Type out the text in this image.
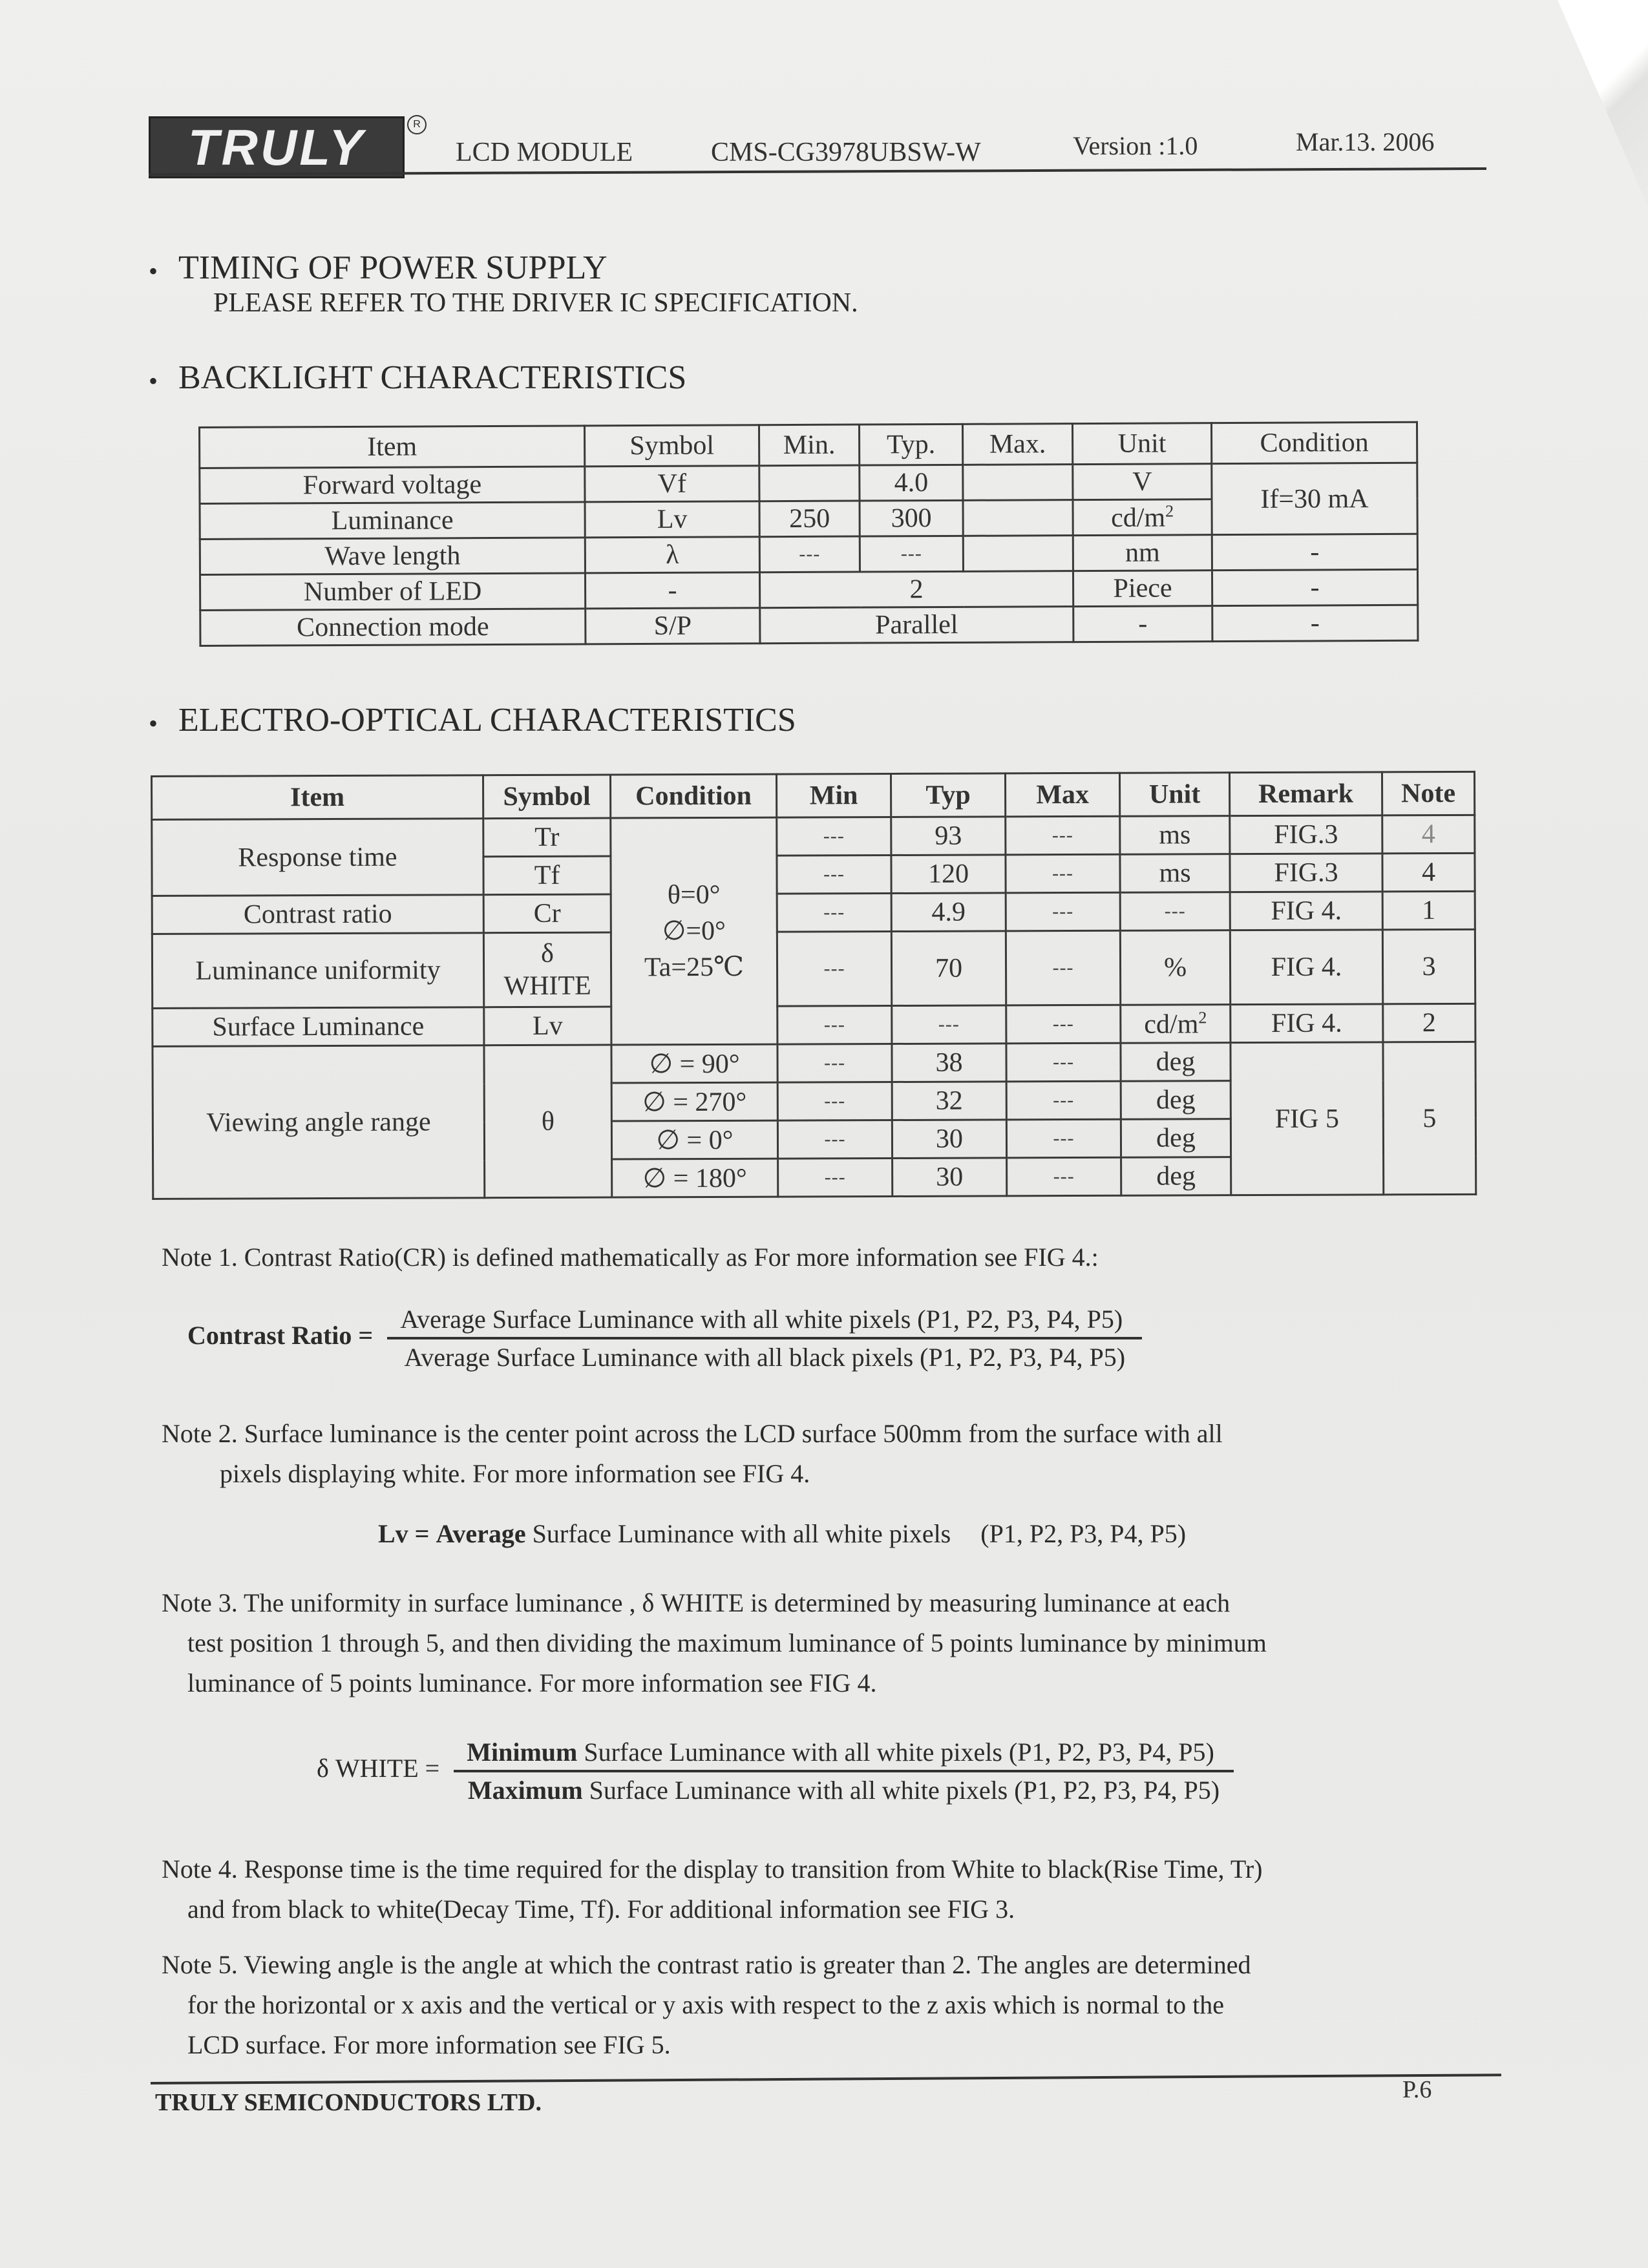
TRULY	R
LCD MODULE	CMS-CG3978UBSW-W	Version :1.0	Mar.13. 2006
• TIMING OF POWER SUPPLY
PLEASE REFER TO THE DRIVER IC SPECIFICATION.
• BACKLIGHT CHARACTERISTICS
Item	Symbol	Min.	Typ.	Max.	Unit	Condition
Forward voltage	Vf		4.0		V	If=30 mA
Luminance	Lv	250	300		$cd/m^2$
Wave length	λ	---	---		nm	-
Number of LED	-	2			Piece	-
Connection mode	S/P	Parallel			-	-
• ELECTRO-OPTICAL CHARACTERISTICS
Item	Symbol	Condition	Min	Typ	Max	Unit	Remark	Note
Response time	Tr	θ=0°
∅=0°
Ta=25℃	---	93	---	ms	FIG.3	4
	Tf		---	120	---	ms	FIG.3	4
Contrast ratio	Cr		---	4.9	---	---	FIG 4.	1
Luminance uniformity	δ
WHITE		---	70	---	%	FIG 4.	3
Surface Luminance	Lv		---	---	---	$cd/m^2$	FIG 4.	2
Viewing angle range	θ	∅ = 90°	---	38	---	deg	FIG 5	5
		∅ = 270°	---	32	---	deg		
		∅ = 0°	---	30	---	deg		
		∅ = 180°	---	30	---	deg		
Note 1. Contrast Ratio(CR) is defined mathematically as For more information see FIG 4.:
Contrast Ratio =
Average Surface Luminance with all white pixels (P1, P2, P3, P4, P5)
Average Surface Luminance with all black pixels (P1, P2, P3, P4, P5)
Note 2. Surface luminance is the center point across the LCD surface 500mm from the surface with all
pixels displaying white. For more information see FIG 4.
Lv = Average Surface Luminance with all white pixels (P1, P2, P3, P4, P5)
Note 3. The uniformity in surface luminance , δ WHITE is determined by measuring luminance at each
test position 1 through 5, and then dividing the maximum luminance of 5 points luminance by minimum
luminance of 5 points luminance. For more information see FIG 4.
δ WHITE =
Minimum Surface Luminance with all white pixels (P1, P2, P3, P4, P5)
Maximum Surface Luminance with all white pixels (P1, P2, P3, P4, P5)
Note 4. Response time is the time required for the display to transition from White to black(Rise Time, Tr)
and from black to white(Decay Time, Tf). For additional information see FIG 3.
Note 5. Viewing angle is the angle at which the contrast ratio is greater than 2. The angles are determined
for the horizontal or x axis and the vertical or y axis with respect to the z axis which is normal to the
LCD surface. For more information see FIG 5.
TRULY SEMICONDUCTORS LTD.	P.6
